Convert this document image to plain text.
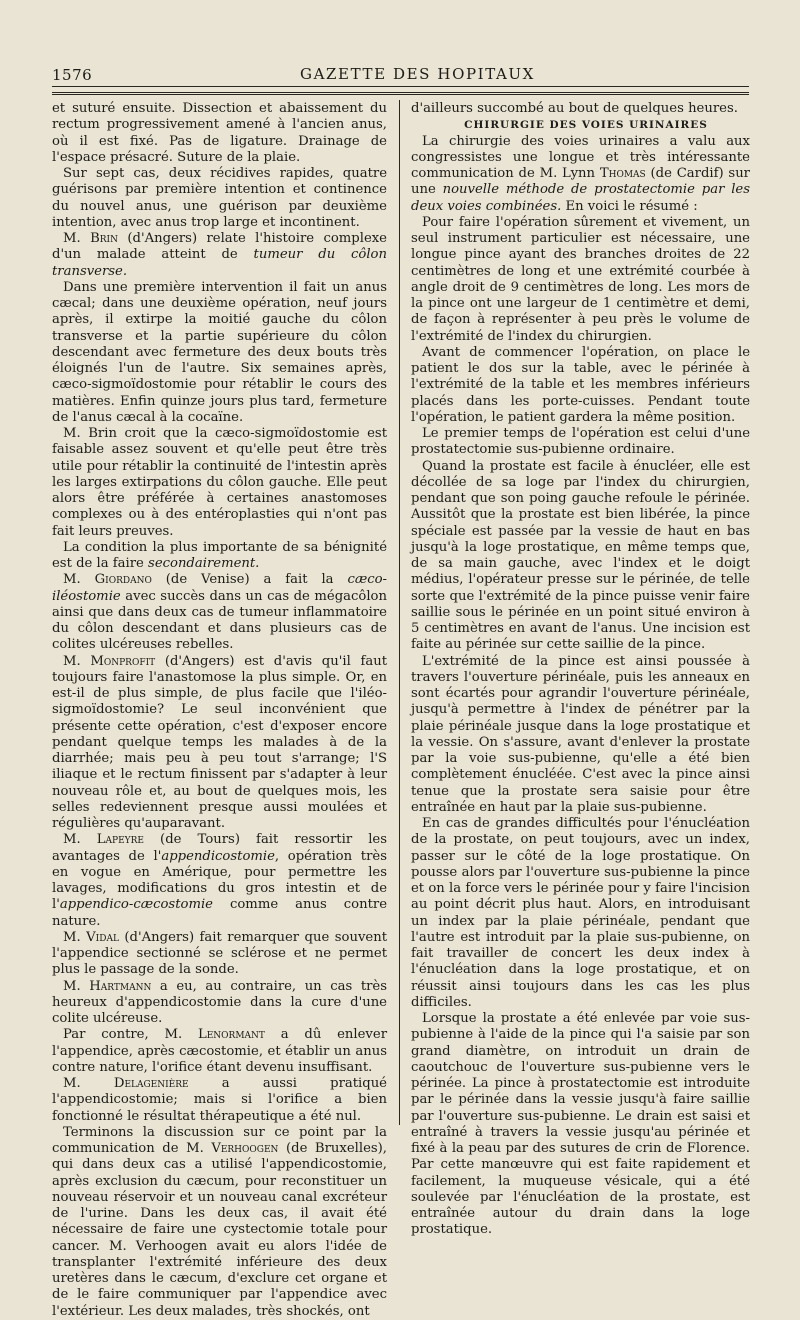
1576	GAZETTE DES HOPITAUX

et suturé ensuite. Dissection et abaissement du rectum progressivement amené à l'ancien anus, où il est fixé. Pas de ligature. Drainage de l'espace présacré. Suture de la plaie.

Sur sept cas, deux récidives rapides, quatre guérisons par première intention et continence du nouvel anus, une guérison par deuxième intention, avec anus trop large et incontinent.

M. Brin (d'Angers) relate l'histoire complexe d'un malade atteint de tumeur du côlon transverse.

Dans une première intervention il fait un anus cæcal; dans une deuxième opération, neuf jours après, il extirpe la moitié gauche du côlon transverse et la partie supérieure du côlon descendant avec fermeture des deux bouts très éloignés l'un de l'autre. Six semaines après, cæco-sigmoïdostomie pour rétablir le cours des matières. Enfin quinze jours plus tard, fermeture de l'anus cæcal à la cocaïne.

M. Brin croit que la cæco-sigmoïdostomie est faisable assez souvent et qu'elle peut être très utile pour rétablir la continuité de l'intestin après les larges extirpations du côlon gauche. Elle peut alors être préférée à certaines anastomoses complexes ou à des entéroplasties qui n'ont pas fait leurs preuves.

La condition la plus importante de sa bénignité est de la faire secondairement.

M. Giordano (de Venise) a fait la cæco-iléostomie avec succès dans un cas de mégacôlon ainsi que dans deux cas de tumeur inflammatoire du côlon descendant et dans plusieurs cas de colites ulcéreuses rebelles.

M. Monprofit (d'Angers) est d'avis qu'il faut toujours faire l'anastomose la plus simple. Or, en est-il de plus simple, de plus facile que l'iléo-sigmoïdostomie? Le seul inconvénient que présente cette opération, c'est d'exposer encore pendant quelque temps les malades à de la diarrhée; mais peu à peu tout s'arrange; l'S iliaque et le rectum finissent par s'adapter à leur nouveau rôle et, au bout de quelques mois, les selles redeviennent presque aussi moulées et régulières qu'auparavant.

M. Lapeyre (de Tours) fait ressortir les avantages de l'appendicostomie, opération très en vogue en Amérique, pour permettre les lavages, modifications du gros intestin et de l'appendico-cæcostomie comme anus contre nature.

M. Vidal (d'Angers) fait remarquer que souvent l'appendice sectionné se sclérose et ne permet plus le passage de la sonde.

M. Hartmann a eu, au contraire, un cas très heureux d'appendicostomie dans la cure d'une colite ulcéreuse.

Par contre, M. Lenormant a dû enlever l'appendice, après cæcostomie, et établir un anus contre nature, l'orifice étant devenu insuffisant.

M. Delagenière a aussi pratiqué l'appendicostomie; mais si l'orifice a bien fonctionné le résultat thérapeutique a été nul.

Terminons la discussion sur ce point par la communication de M. Verhoogen (de Bruxelles), qui dans deux cas a utilisé l'appendicostomie, après exclusion du cæcum, pour reconstituer un nouveau réservoir et un nouveau canal excréteur de l'urine. Dans les deux cas, il avait été nécessaire de faire une cystectomie totale pour cancer. M. Verhoogen avait eu alors l'idée de transplanter l'extrémité inférieure des deux uretères dans le cæcum, d'exclure cet organe et de le faire communiquer par l'appendice avec l'extérieur. Les deux malades, très shockés, ont

d'ailleurs succombé au bout de quelques heures.

CHIRURGIE DES VOIES URINAIRES

La chirurgie des voies urinaires a valu aux congressistes une longue et très intéressante communication de M. Lynn Thomas (de Cardif) sur une nouvelle méthode de prostatectomie par les deux voies combinées. En voici le résumé :

Pour faire l'opération sûrement et vivement, un seul instrument particulier est nécessaire, une longue pince ayant des branches droites de 22 centimètres de long et une extrémité courbée à angle droit de 9 centimètres de long. Les mors de la pince ont une largeur de 1 centimètre et demi, de façon à représenter à peu près le volume de l'extrémité de l'index du chirurgien.

Avant de commencer l'opération, on place le patient le dos sur la table, avec le périnée à l'extrémité de la table et les membres inférieurs placés dans les porte-cuisses. Pendant toute l'opération, le patient gardera la même position.

Le premier temps de l'opération est celui d'une prostatectomie sus-pubienne ordinaire.

Quand la prostate est facile à énucléer, elle est décollée de sa loge par l'index du chirurgien, pendant que son poing gauche refoule le périnée. Aussitôt que la prostate est bien libérée, la pince spéciale est passée par la vessie de haut en bas jusqu'à la loge prostatique, en même temps que, de sa main gauche, avec l'index et le doigt médius, l'opérateur presse sur le périnée, de telle sorte que l'extrémité de la pince puisse venir faire saillie sous le périnée en un point situé environ à 5 centimètres en avant de l'anus. Une incision est faite au périnée sur cette saillie de la pince.

L'extrémité de la pince est ainsi poussée à travers l'ouverture périnéale, puis les anneaux en sont écartés pour agrandir l'ouverture périnéale, jusqu'à permettre à l'index de pénétrer par la plaie périnéale jusque dans la loge prostatique et la vessie. On s'assure, avant d'enlever la prostate par la voie sus-pubienne, qu'elle a été bien complètement énucléée. C'est avec la pince ainsi tenue que la prostate sera saisie pour être entraînée en haut par la plaie sus-pubienne.

En cas de grandes difficultés pour l'énucléation de la prostate, on peut toujours, avec un index, passer sur le côté de la loge prostatique. On pousse alors par l'ouverture sus-pubienne la pince et on la force vers le périnée pour y faire l'incision au point décrit plus haut. Alors, en introduisant un index par la plaie périnéale, pendant que l'autre est introduit par la plaie sus-pubienne, on fait travailler de concert les deux index à l'énucléation dans la loge prostatique, et on réussit ainsi toujours dans les cas les plus difficiles.

Lorsque la prostate a été enlevée par voie sus-pubienne à l'aide de la pince qui l'a saisie par son grand diamètre, on introduit un drain de caoutchouc de l'ouverture sus-pubienne vers le périnée. La pince à prostatectomie est introduite par le périnée dans la vessie jusqu'à faire saillie par l'ouverture sus-pubienne. Le drain est saisi et entraîné à travers la vessie jusqu'au périnée et fixé à la peau par des sutures de crin de Florence. Par cette manœuvre qui est faite rapidement et facilement, la muqueuse vésicale, qui a été soulevée par l'énucléation de la prostate, est entraînée autour du drain dans la loge prostatique.
